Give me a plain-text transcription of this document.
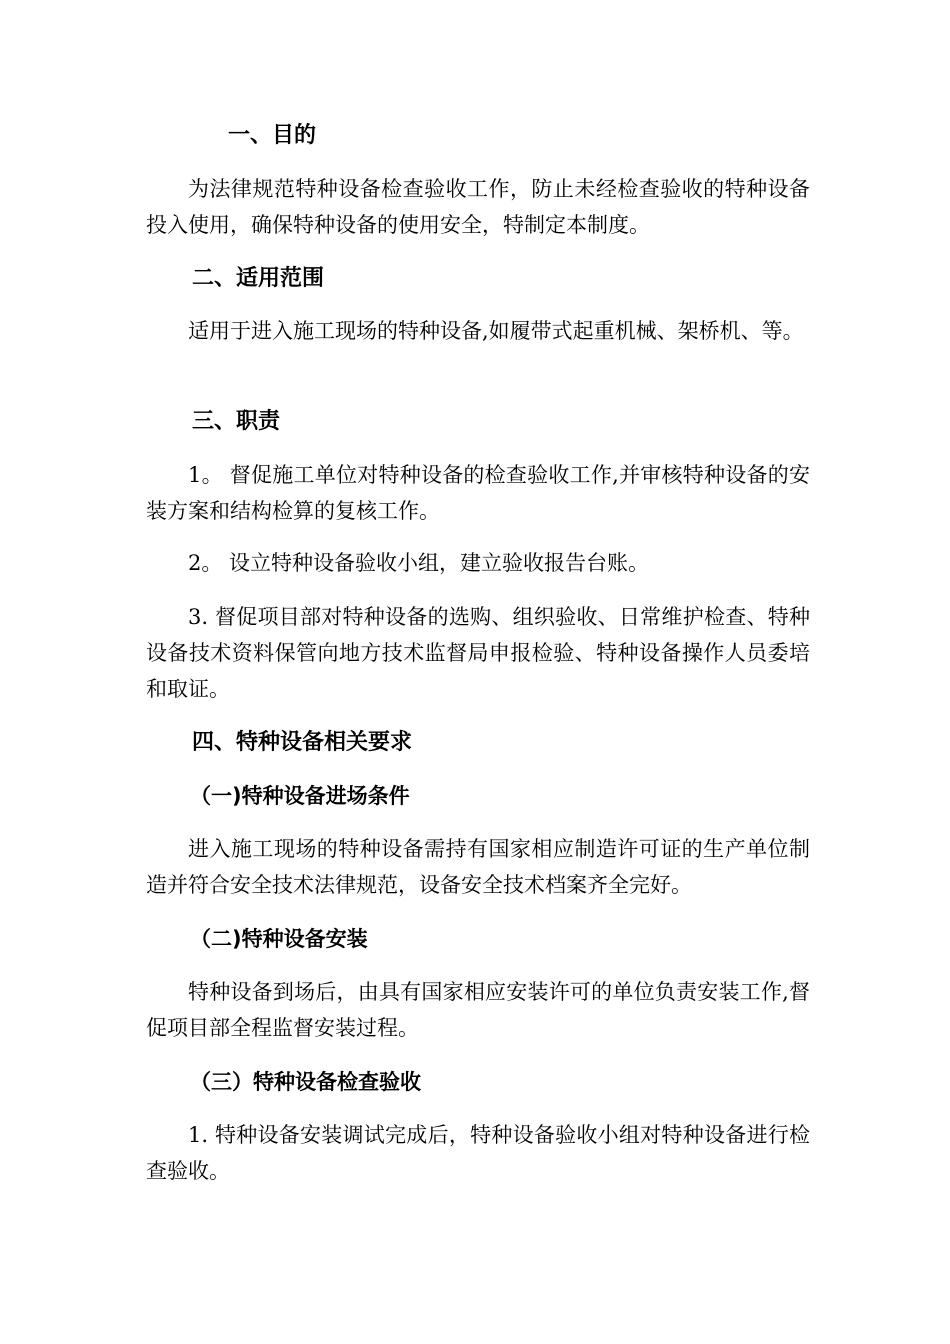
一、目的

为法律规范特种设备检查验收工作，防止未经检查验收的特种设备投入使用，确保特种设备的使用安全，特制定本制度。

二、适用范围

适用于进入施工现场的特种设备,如履带式起重机械、架桥机、等。

三、职责

1。 督促施工单位对特种设备的检查验收工作,并审核特种设备的安装方案和结构检算的复核工作。

2。 设立特种设备验收小组，建立验收报告台账。

3. 督促项目部对特种设备的选购、组织验收、日常维护检查、特种设备技术资料保管向地方技术监督局申报检验、特种设备操作人员委培和取证。

四、特种设备相关要求
（一)特种设备进场条件

进入施工现场的特种设备需持有国家相应制造许可证的生产单位制造并符合安全技术法律规范，设备安全技术档案齐全完好。

（二)特种设备安装

特种设备到场后，由具有国家相应安装许可的单位负责安装工作,督促项目部全程监督安装过程。

（三）特种设备检查验收

1. 特种设备安装调试完成后，特种设备验收小组对特种设备进行检查验收。
